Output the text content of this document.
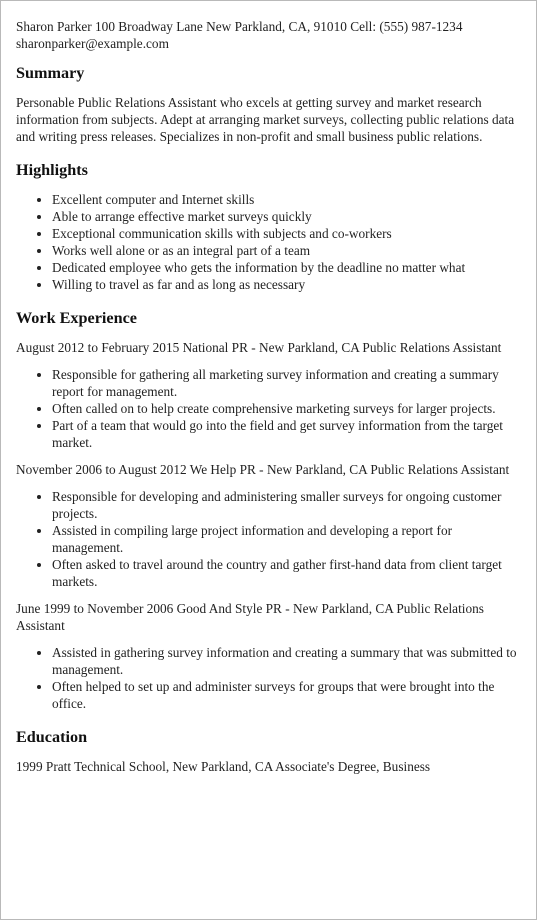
Sharon Parker 100 Broadway Lane New Parkland, CA, 91010 Cell: (555) 987-1234
sharonparker@example.com
Summary

Personable Public Relations Assistant who excels at getting survey and market research information from subjects. Adept at arranging market surveys, collecting public relations data and writing press releases. Specializes in non-profit and small business public relations.

Highlights
• Excellent computer and Internet skills
• Able to arrange effective market surveys quickly
• Exceptional communication skills with subjects and co-workers
• Works well alone or as an integral part of a team
• Dedicated employee who gets the information by the deadline no matter what
• Willing to travel as far and as long as necessary
Work Experience

August 2012 to February 2015 National PR - New Parkland, CA Public Relations Assistant

• Responsible for gathering all marketing survey information and creating a summary report for management.
• Often called on to help create comprehensive marketing surveys for larger projects.
• Part of a team that would go into the field and get survey information from the target market.

November 2006 to August 2012 We Help PR - New Parkland, CA Public Relations Assistant

• Responsible for developing and administering smaller surveys for ongoing customer projects.
• Assisted in compiling large project information and developing a report for management.
• Often asked to travel around the country and gather first-hand data from client target markets.

June 1999 to November 2006 Good And Style PR - New Parkland, CA Public Relations Assistant

• Assisted in gathering survey information and creating a summary that was submitted to management.
• Often helped to set up and administer surveys for groups that were brought into the office.
Education

1999 Pratt Technical School, New Parkland, CA Associate's Degree, Business
